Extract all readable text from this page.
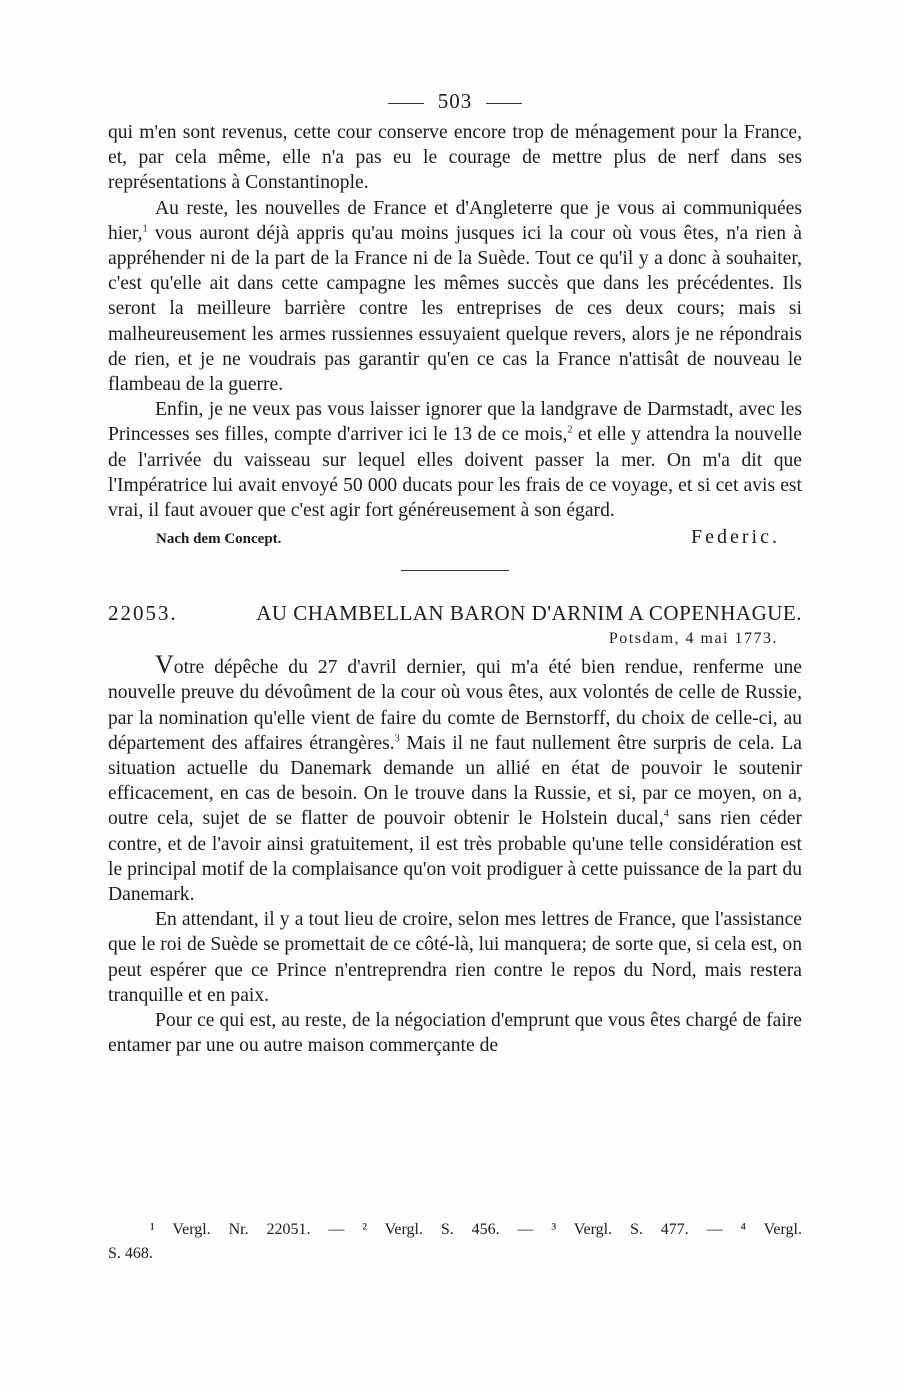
503

qui m'en sont revenus, cette cour conserve encore trop de ménagement pour la France, et, par cela même, elle n'a pas eu le courage de mettre plus de nerf dans ses représentations à Constantinople.

Au reste, les nouvelles de France et d'Angleterre que je vous ai communiquées hier,$^1$ vous auront déjà appris qu'au moins jusques ici la cour où vous êtes, n'a rien à appréhender ni de la part de la France ni de la Suède. Tout ce qu'il y a donc à souhaiter, c'est qu'elle ait dans cette campagne les mêmes succès que dans les précédentes. Ils seront la meilleure barrière contre les entreprises de ces deux cours; mais si malheureusement les armes russiennes essuyaient quelque revers, alors je ne répondrais de rien, et je ne voudrais pas garantir qu'en ce cas la France n'attisât de nouveau le flambeau de la guerre.

Enfin, je ne veux pas vous laisser ignorer que la landgrave de Darmstadt, avec les Princesses ses filles, compte d'arriver ici le 13 de ce mois,$^2$ et elle y attendra la nouvelle de l'arrivée du vaisseau sur lequel elles doivent passer la mer. On m'a dit que l'Impératrice lui avait envoyé 50 000 ducats pour les frais de ce voyage, et si cet avis est vrai, il faut avouer que c'est agir fort généreusement à son égard.

Nach dem Concept.	Federic.
22053.	AU CHAMBELLAN BARON D'ARNIM A COPENHAGUE.
Potsdam, 4 mai 1773.

Votre dépêche du 27 d'avril dernier, qui m'a été bien rendue, renferme une nouvelle preuve du dévoûment de la cour où vous êtes, aux volontés de celle de Russie, par la nomination qu'elle vient de faire du comte de Bernstorff, du choix de celle-ci, au département des affaires étrangères.$^3$ Mais il ne faut nullement être surpris de cela. La situation actuelle du Danemark demande un allié en état de pouvoir le soutenir efficacement, en cas de besoin. On le trouve dans la Russie, et si, par ce moyen, on a, outre cela, sujet de se flatter de pouvoir obtenir le Holstein ducal,$^4$ sans rien céder contre, et de l'avoir ainsi gratuitement, il est très probable qu'une telle considération est le principal motif de la complaisance qu'on voit prodiguer à cette puissance de la part du Danemark.

En attendant, il y a tout lieu de croire, selon mes lettres de France, que l'assistance que le roi de Suède se promettait de ce côté-là, lui manquera; de sorte que, si cela est, on peut espérer que ce Prince n'entreprendra rien contre le repos du Nord, mais restera tranquille et en paix.

Pour ce qui est, au reste, de la négociation d'emprunt que vous êtes chargé de faire entamer par une ou autre maison commerçante de

¹ Vergl. Nr. 22051. — ² Vergl. S. 456. — ³ Vergl. S. 477. — ⁴ Vergl.
S. 468.
